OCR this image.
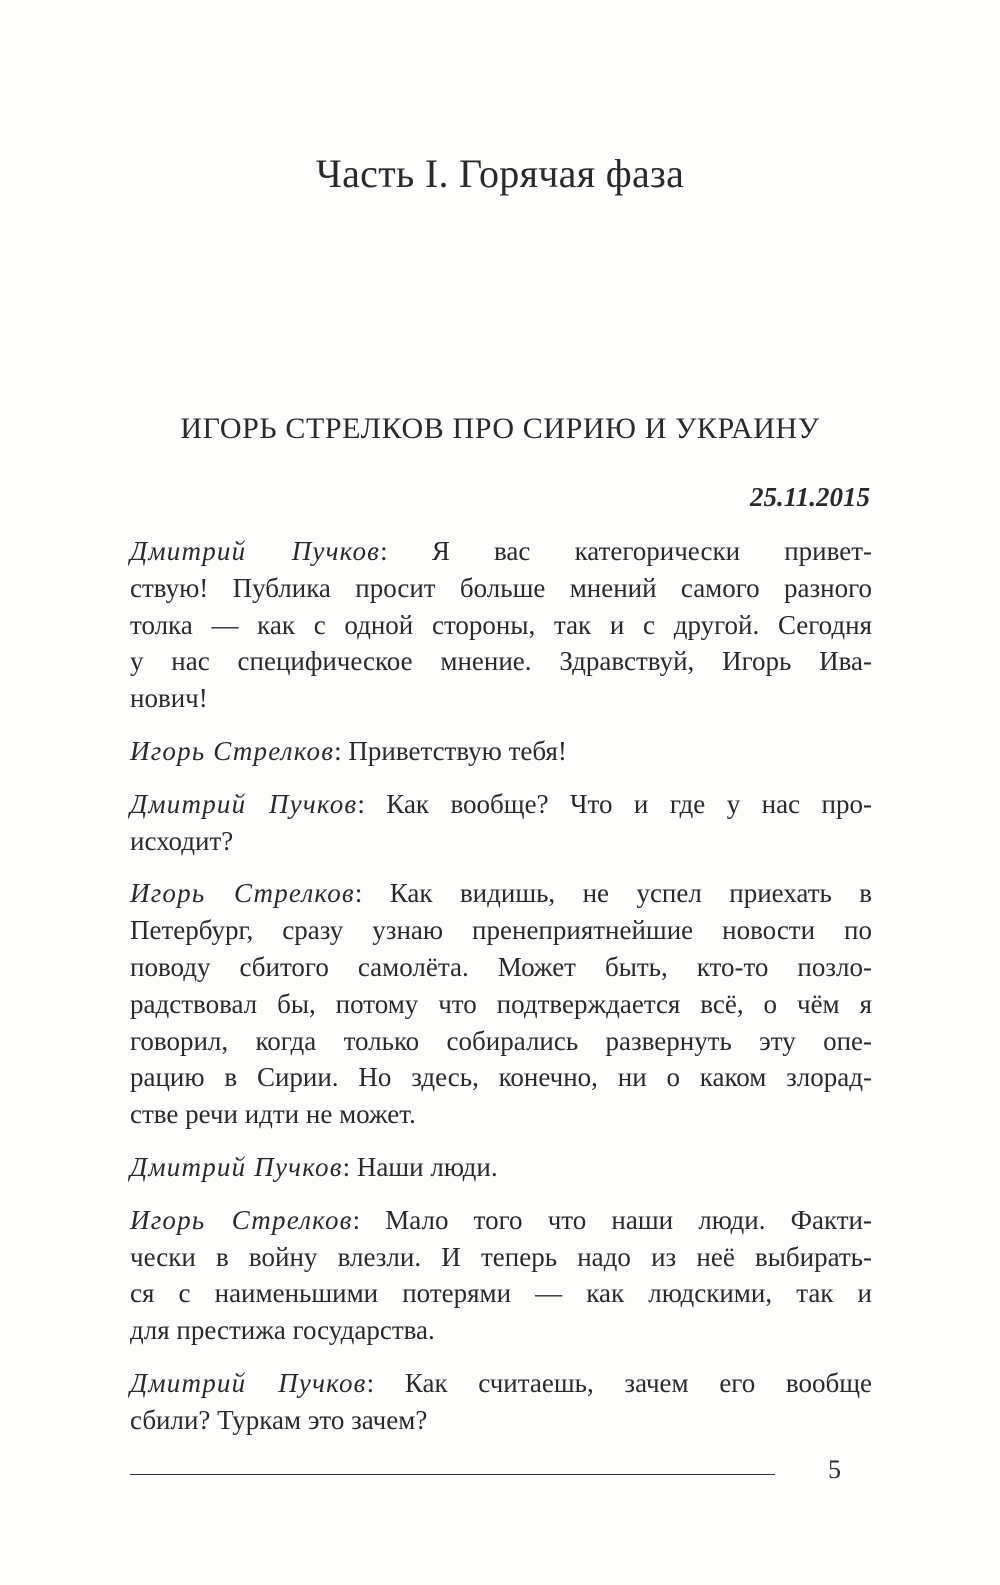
Часть I. Горячая фаза
ИГОРЬ СТРЕЛКОВ ПРО СИРИЮ И УКРАИНУ
25.11.2015
Дмитрий Пучков: Я вас категорически привет-
ствую! Публика просит больше мнений самого разного
толка — как с одной стороны, так и с другой. Сегодня
у нас специфическое мнение. Здравствуй, Игорь Ива-
нович!
Игорь Стрелков: Приветствую тебя!
Дмитрий Пучков: Как вообще? Что и где у нас про-
исходит?
Игорь Стрелков: Как видишь, не успел приехать в
Петербург, сразу узнаю пренеприятнейшие новости по
поводу сбитого самолёта. Может быть, кто-то позло-
радствовал бы, потому что подтверждается всё, о чём я
говорил, когда только собирались развернуть эту опе-
рацию в Сирии. Но здесь, конечно, ни о каком злорад-
стве речи идти не может.
Дмитрий Пучков: Наши люди.
Игорь Стрелков: Мало того что наши люди. Факти-
чески в войну влезли. И теперь надо из неё выбирать-
ся с наименьшими потерями — как людскими, так и
для престижа государства.
Дмитрий Пучков: Как считаешь, зачем его вообще
сбили? Туркам это зачем?
5
